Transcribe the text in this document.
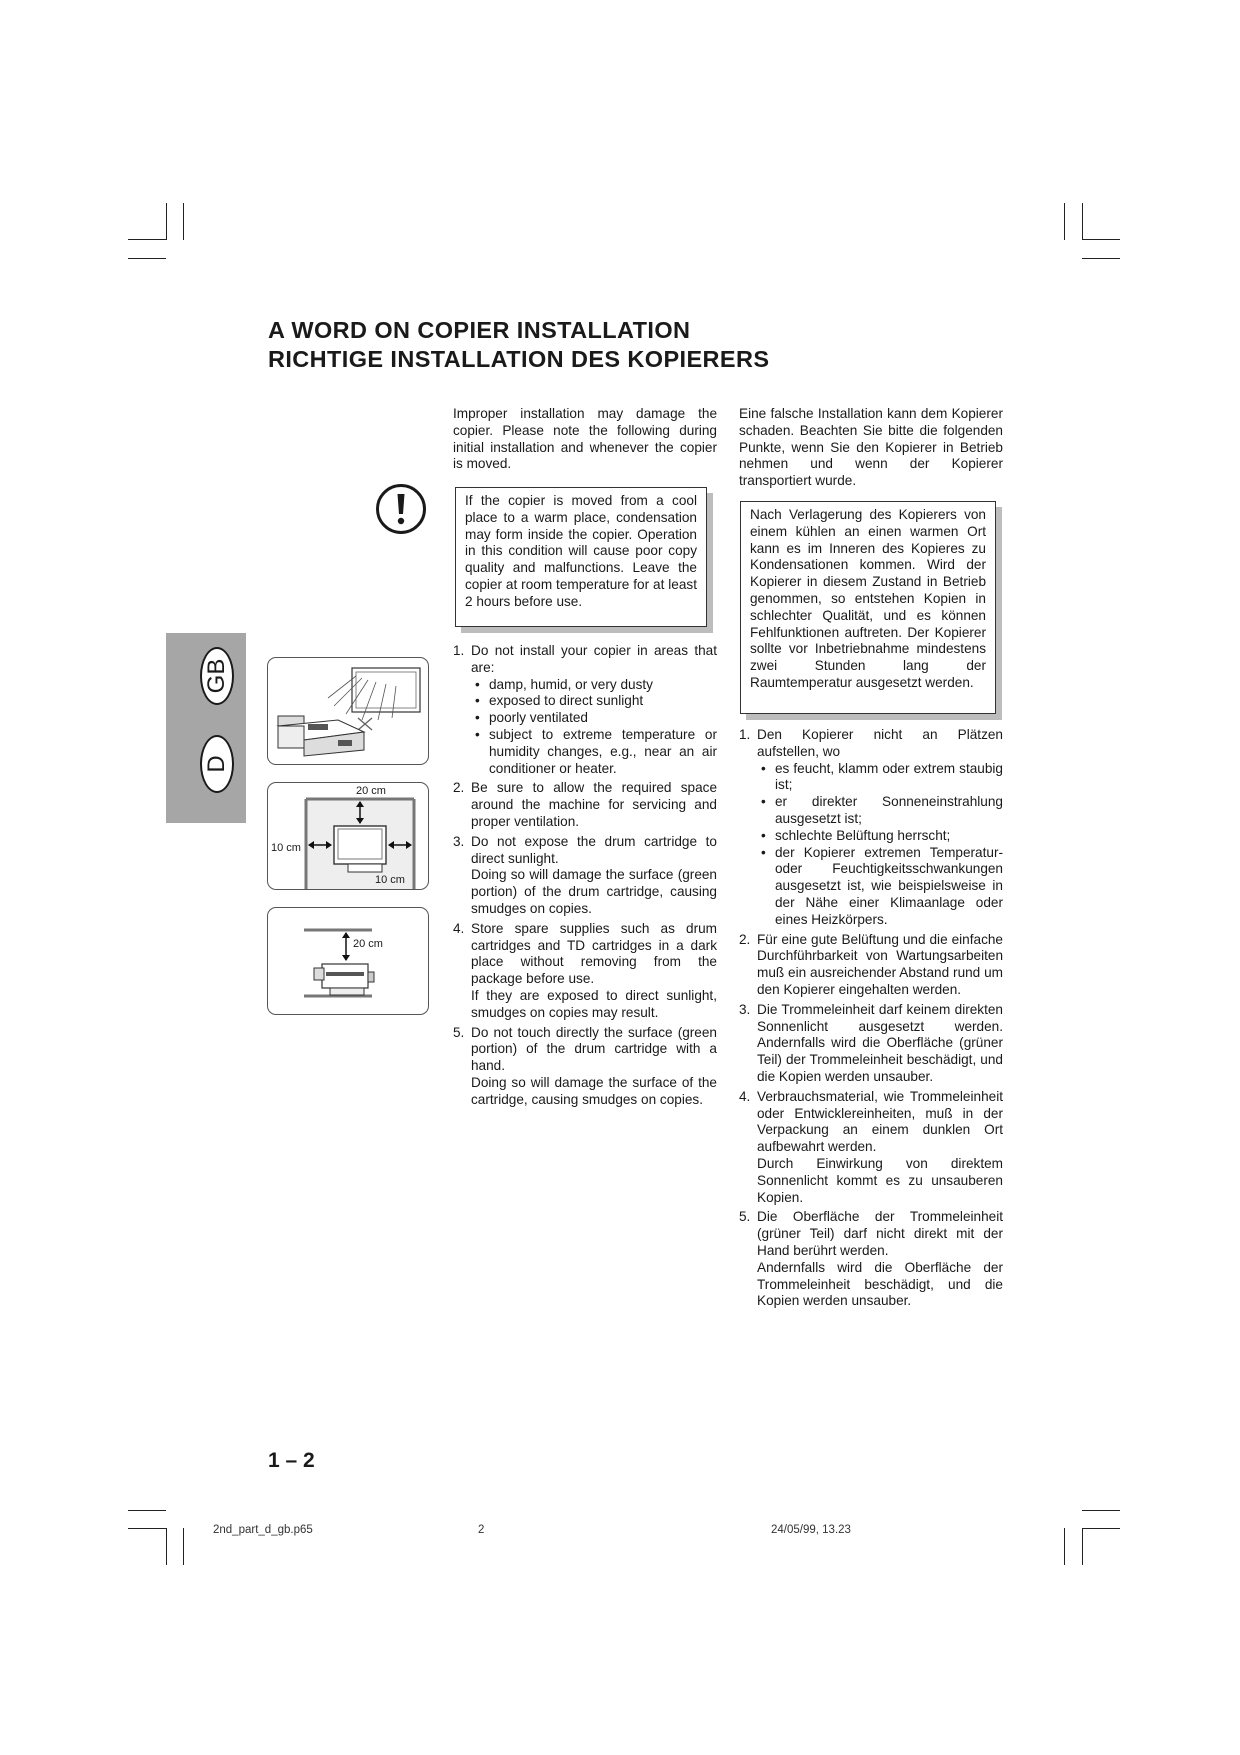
A WORD ON COPIER INSTALLATION
RICHTIGE INSTALLATION DES KOPIERERS
GB
D
20 cm
10 cm
10 cm
20 cm

Improper installation may damage the copier. Please note the following during initial installation and whenever the copier is moved.

If the copier is moved from a cool place to a warm place, condensation may form inside the copier. Operation in this condition will cause poor copy quality and malfunctions. Leave the copier at room temperature for at least 2 hours before use.
1. Do not install your copier in areas that are:
• damp, humid, or very dusty
• exposed to direct sunlight
• poorly ventilated
• subject to extreme temperature or humidity changes, e.g., near an air conditioner or heater.
2. Be sure to allow the required space around the machine for servicing and proper ventilation.
3. Do not expose the drum cartridge to direct sunlight.
Doing so will damage the surface (green portion) of the drum cartridge, causing smudges on copies.
4. Store spare supplies such as drum cartridges and TD cartridges in a dark place without removing from the package before use.
If they are exposed to direct sunlight, smudges on copies may result.
5. Do not touch directly the surface (green portion) of the drum cartridge with a hand.
Doing so will damage the surface of the cartridge, causing smudges on copies.

Eine falsche Installation kann dem Kopierer schaden. Beachten Sie bitte die folgenden Punkte, wenn Sie den Kopierer in Betrieb nehmen und wenn der Kopierer transportiert wurde.

Nach Verlagerung des Kopierers von einem kühlen an einen warmen Ort kann es im Inneren des Kopieres zu Kondensationen kommen. Wird der Kopierer in diesem Zustand in Betrieb genommen, so entstehen Kopien in schlechter Qualität, und es können Fehlfunktionen auftreten. Der Kopierer sollte vor Inbetriebnahme mindestens zwei Stunden lang der Raumtemperatur ausgesetzt werden.
1. Den Kopierer nicht an Plätzen aufstellen, wo
• es feucht, klamm oder extrem staubig ist;
• er direkter Sonneneinstrahlung ausgesetzt ist;
• schlechte Belüftung herrscht;
• der Kopierer extremen Temperatur- oder Feuchtigkeitsschwankungen ausgesetzt ist, wie beispielsweise in der Nähe einer Klimaanlage oder eines Heizkörpers.
2. Für eine gute Belüftung und die einfache Durchführbarkeit von Wartungsarbeiten muß ein ausreichender Abstand rund um den Kopierer eingehalten werden.
3. Die Trommeleinheit darf keinem direkten Sonnenlicht ausgesetzt werden. Andernfalls wird die Oberfläche (grüner Teil) der Trommeleinheit beschädigt, und die Kopien werden unsauber.
4. Verbrauchsmaterial, wie Trommeleinheit oder Entwicklereinheiten, muß in der Verpackung an einem dunklen Ort aufbewahrt werden.
Durch Einwirkung von direktem Sonnenlicht kommt es zu unsauberen Kopien.
5. Die Oberfläche der Trommeleinheit (grüner Teil) darf nicht direkt mit der Hand berührt werden.
Andernfalls wird die Oberfläche der Trommeleinheit beschädigt, und die Kopien werden unsauber.
1 – 2
2nd_part_d_gb.p65	2	24/05/99, 13.23
